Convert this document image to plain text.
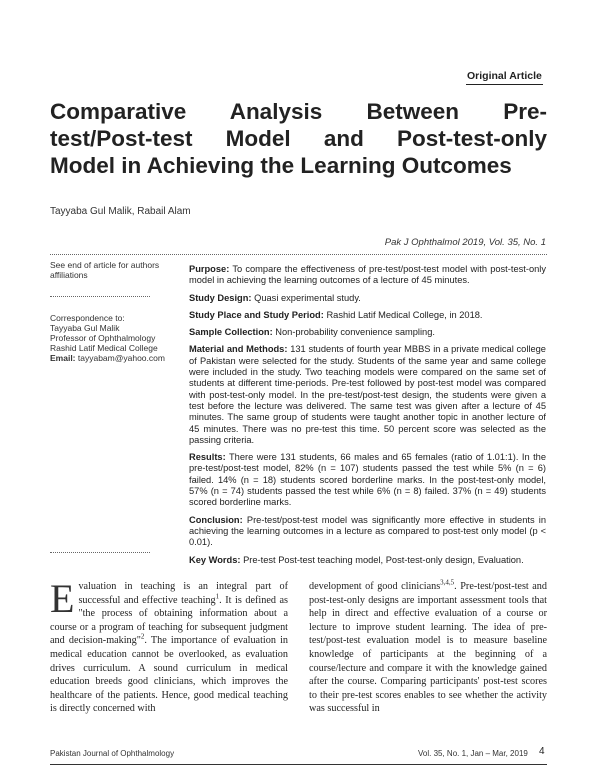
Original Article
Comparative Analysis Between Pre-
test/Post-test Model and Post-test-only
Model in Achieving the Learning Outcomes
Tayyaba Gul Malik, Rabail Alam
Pak J Ophthalmol 2019, Vol. 35, No. 1
See end of article for authors affiliations
Correspondence to:
Tayyaba Gul Malik
Professor of Ophthalmology
Rashid Latif Medical College
Email: tayyabam@yahoo.com

Purpose: To compare the effectiveness of pre-test/post-test model with post-test-only model in achieving the learning outcomes of a lecture of 45 minutes.

Study Design: Quasi experimental study.

Study Place and Study Period: Rashid Latif Medical College, in 2018.

Sample Collection: Non-probability convenience sampling.

Material and Methods: 131 students of fourth year MBBS in a private medical college of Pakistan were selected for the study. Students of the same year and same college were included in the study. Two teaching models were compared on the same set of students at different time-periods. Pre-test followed by post-test model was compared with post-test-only model. In the pre-test/post-test design, the students were given a test before the lecture was delivered. The same test was given after a lecture of 45 minutes. The same group of students were taught another topic in another lecture of 45 minutes. There was no pre-test this time. 50 percent score was selected as the passing criteria.

Results: There were 131 students, 66 males and 65 females (ratio of 1.01:1). In the pre-test/post-test model, 82% (n = 107) students passed the test while 5% (n = 6) failed. 14% (n = 18) students scored borderline marks. In the post-test-only model, 57% (n = 74) students passed the test while 6% (n = 8) failed. 37% (n = 49) students scored borderline marks.

Conclusion: Pre-test/post-test model was significantly more effective in students in achieving the learning outcomes in a lecture as compared to post-test only model (p < 0.01).

Key Words: Pre-test Post-test teaching model, Post-test-only design, Evaluation.

Evaluation in teaching is an integral part of successful and effective teaching$^1$. It is defined as "the process of obtaining information about a course or a program of teaching for subsequent judgment and decision-making"$^2$. The importance of evaluation in medical education cannot be overlooked, as evaluation drives curriculum. A sound curriculum in medical education breeds good clinicians, which improves the healthcare of the patients. Hence, good medical teaching is directly concerned with
development of good clinicians$^{3,4,5}$. Pre-test/post-test and post-test-only designs are important assessment tools that help in direct and effective evaluation of a course or lecture to improve student learning. The idea of pre-test/post-test evaluation model is to measure baseline knowledge of participants at the beginning of a course/lecture and compare it with the knowledge gained after the course. Comparing participants' post-test scores to their pre-test scores enables to see whether the activity was successful in
Pakistan Journal of Ophthalmology	Vol. 35, No. 1, Jan – Mar, 2019 4
